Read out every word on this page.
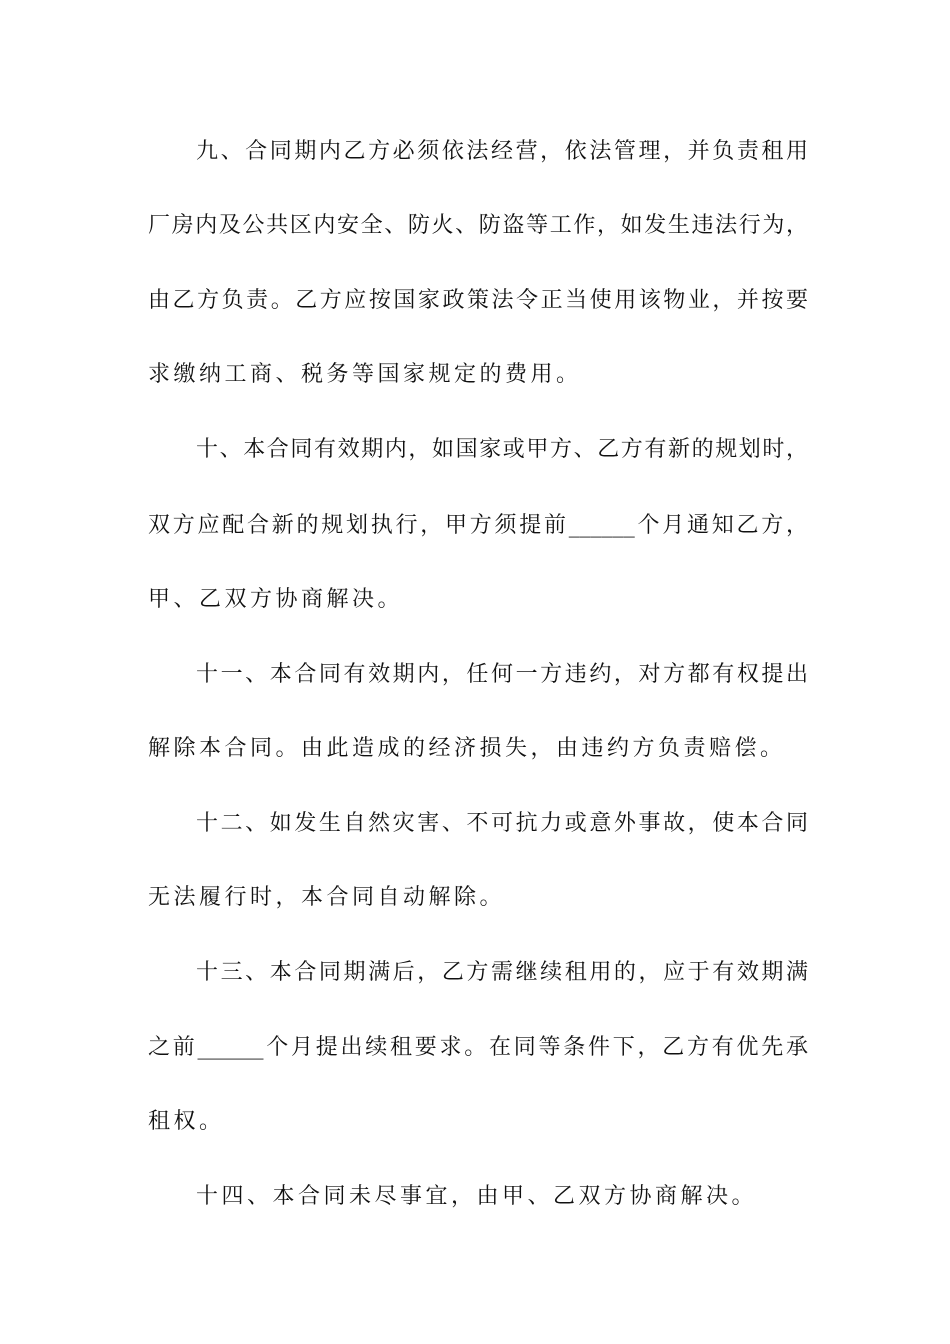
九、合同期内乙方必须依法经营，依法管理，并负责租用
厂房内及公共区内安全、防火、防盗等工作，如发生违法行为，
由乙方负责。乙方应按国家政策法令正当使用该物业，并按要
求缴纳工商、税务等国家规定的费用。
十、本合同有效期内，如国家或甲方、乙方有新的规划时，
双方应配合新的规划执行，甲方须提前______个月通知乙方，
甲、乙双方协商解决。
十一、本合同有效期内，任何一方违约，对方都有权提出
解除本合同。由此造成的经济损失，由违约方负责赔偿。
十二、如发生自然灾害、不可抗力或意外事故，使本合同
无法履行时，本合同自动解除。
十三、本合同期满后，乙方需继续租用的，应于有效期满
之前______个月提出续租要求。在同等条件下，乙方有优先承
租权。
十四、本合同未尽事宜，由甲、乙双方协商解决。
